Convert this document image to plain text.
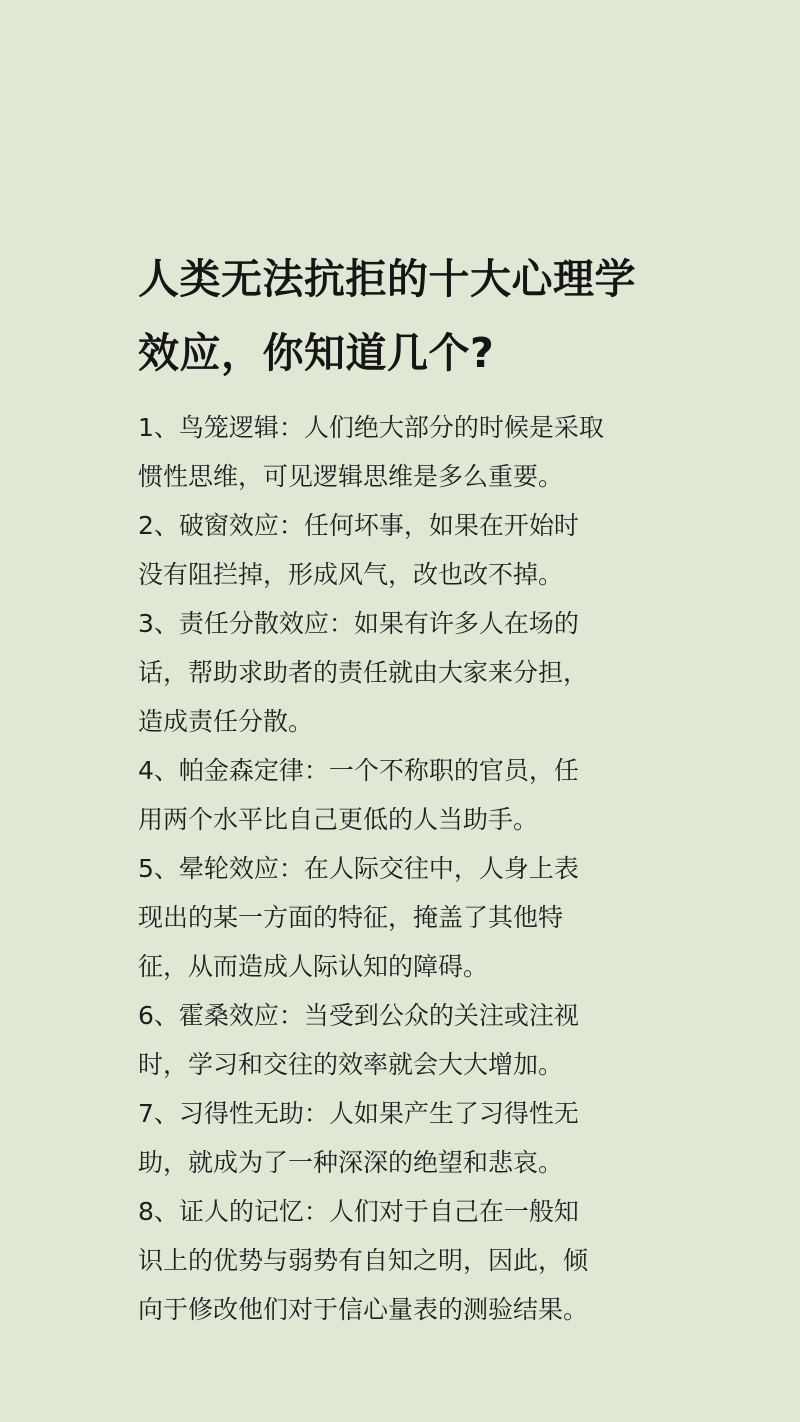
人类无法抗拒的十大心理学
效应，你知道几个?
1、鸟笼逻辑：人们绝大部分的时候是采取
惯性思维，可见逻辑思维是多么重要。
2、破窗效应：任何坏事，如果在开始时
没有阻拦掉，形成风气，改也改不掉。
3、责任分散效应：如果有许多人在场的
话，帮助求助者的责任就由大家来分担，
造成责任分散。
4、帕金森定律：一个不称职的官员，任
用两个水平比自己更低的人当助手。
5、晕轮效应：在人际交往中，人身上表
现出的某一方面的特征，掩盖了其他特
征，从而造成人际认知的障碍。
6、霍桑效应：当受到公众的关注或注视
时，学习和交往的效率就会大大增加。
7、习得性无助：人如果产生了习得性无
助，就成为了一种深深的绝望和悲哀。
8、证人的记忆：人们对于自己在一般知
识上的优势与弱势有自知之明，因此，倾
向于修改他们对于信心量表的测验结果。
